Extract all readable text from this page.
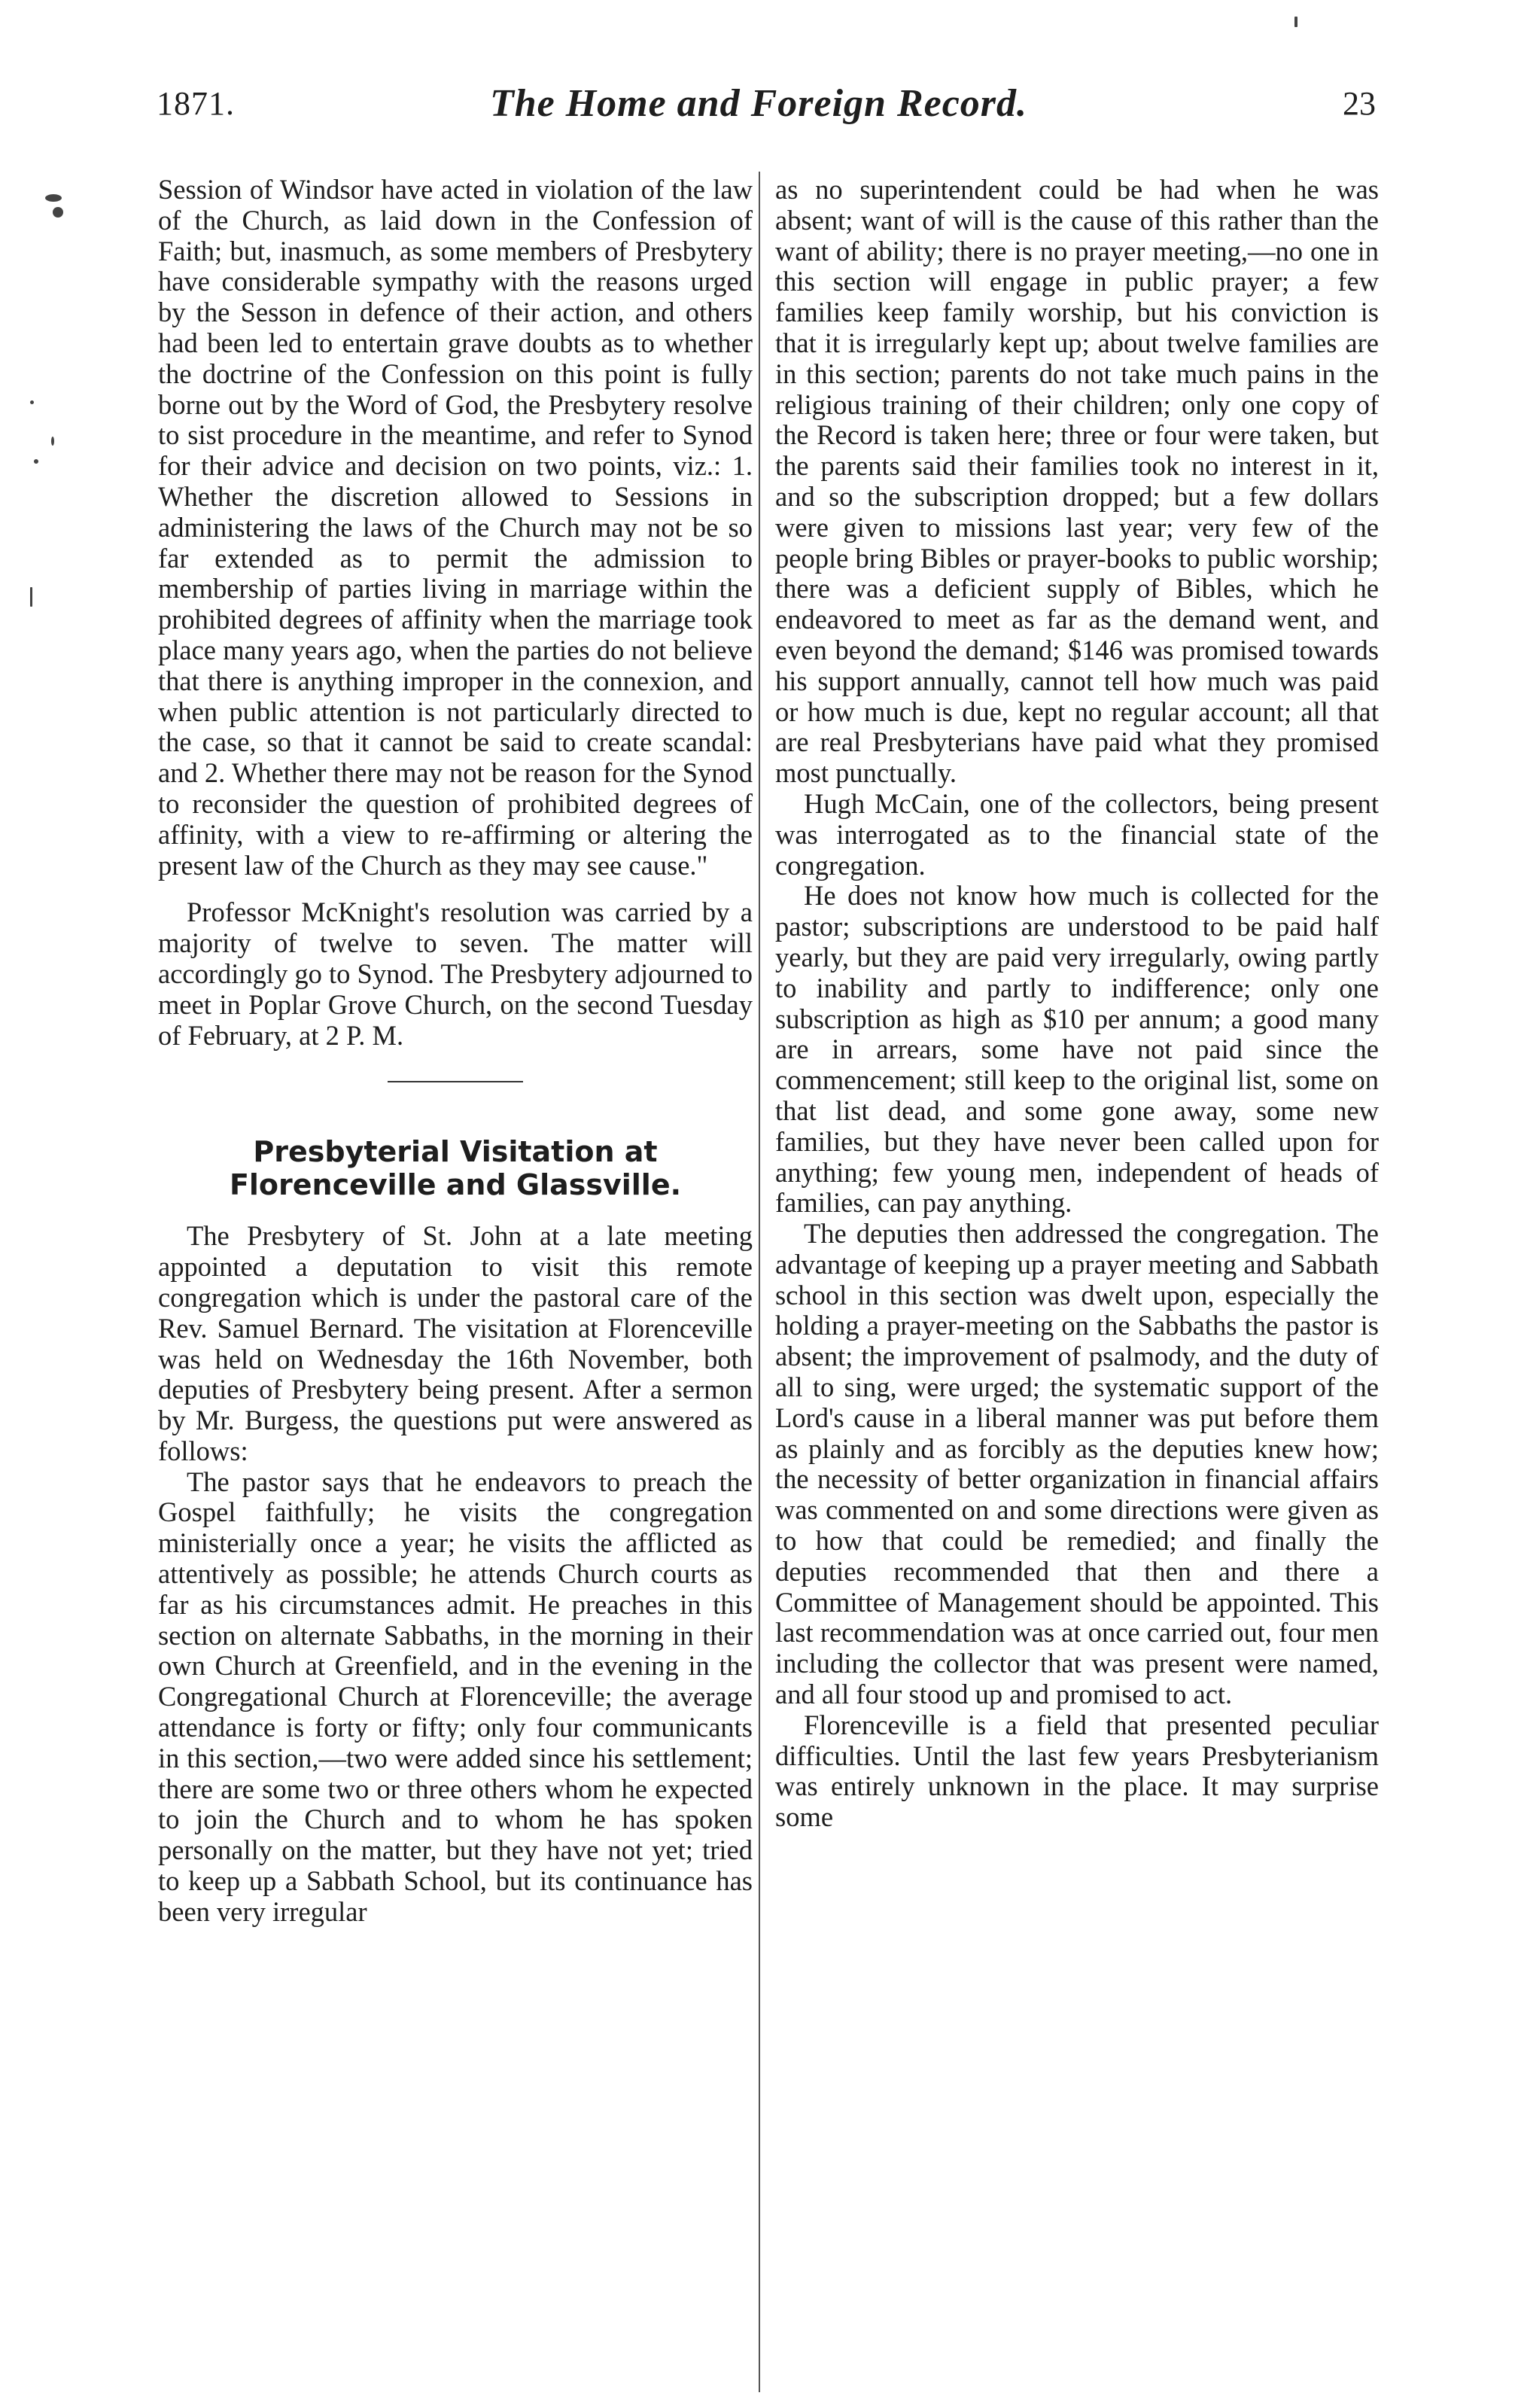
1871.	The Home and Foreign Record.	23

Session of Windsor have acted in violation of the law of the Church, as laid down in the Confession of Faith; but, inasmuch, as some members of Presbytery have considerable sympathy with the reasons urged by the Sesson in defence of their action, and others had been led to entertain grave doubts as to whether the doctrine of the Confession on this point is fully borne out by the Word of God, the Presbytery resolve to sist procedure in the meantime, and refer to Synod for their advice and decision on two points, viz.: 1. Whether the discretion allowed to Sessions in administering the laws of the Church may not be so far extended as to permit the admission to membership of parties living in marriage within the prohibited degrees of affinity when the marriage took place many years ago, when the parties do not believe that there is anything improper in the connexion, and when public attention is not particularly directed to the case, so that it cannot be said to create scandal: and 2. Whether there may not be reason for the Synod to reconsider the question of prohibited degrees of affinity, with a view to re-affirming or altering the present law of the Church as they may see cause."

Professor McKnight's resolution was carried by a majority of twelve to seven. The matter will accordingly go to Synod. The Presbytery adjourned to meet in Poplar Grove Church, on the second Tuesday of February, at 2 P. M.

Presbyterial Visitation at Florenceville and Glassville.

The Presbytery of St. John at a late meeting appointed a deputation to visit this remote congregation which is under the pastoral care of the Rev. Samuel Bernard. The visitation at Florenceville was held on Wednesday the 16th November, both deputies of Presbytery being present. After a sermon by Mr. Burgess, the questions put were answered as follows:

The pastor says that he endeavors to preach the Gospel faithfully; he visits the congregation ministerially once a year; he visits the afflicted as attentively as possible; he attends Church courts as far as his circumstances admit. He preaches in this section on alternate Sabbaths, in the morning in their own Church at Greenfield, and in the evening in the Congregational Church at Florenceville; the average attendance is forty or fifty; only four communicants in this section,—two were added since his settlement; there are some two or three others whom he expected to join the Church and to whom he has spoken personally on the matter, but they have not yet; tried to keep up a Sabbath School, but its continuance has been very irregular

as no superintendent could be had when he was absent; want of will is the cause of this rather than the want of ability; there is no prayer meeting,—no one in this section will engage in public prayer; a few families keep family worship, but his conviction is that it is irregularly kept up; about twelve families are in this section; parents do not take much pains in the religious training of their children; only one copy of the Record is taken here; three or four were taken, but the parents said their families took no interest in it, and so the subscription dropped; but a few dollars were given to missions last year; very few of the people bring Bibles or prayer-books to public worship; there was a deficient supply of Bibles, which he endeavored to meet as far as the demand went, and even beyond the demand; $146 was promised towards his support annually, cannot tell how much was paid or how much is due, kept no regular account; all that are real Presbyterians have paid what they promised most punctually.

Hugh McCain, one of the collectors, being present was interrogated as to the financial state of the congregation.

He does not know how much is collected for the pastor; subscriptions are understood to be paid half yearly, but they are paid very irregularly, owing partly to inability and partly to indifference; only one subscription as high as $10 per annum; a good many are in arrears, some have not paid since the commencement; still keep to the original list, some on that list dead, and some gone away, some new families, but they have never been called upon for anything; few young men, independent of heads of families, can pay anything.

The deputies then addressed the congregation. The advantage of keeping up a prayer meeting and Sabbath school in this section was dwelt upon, especially the holding a prayer-meeting on the Sabbaths the pastor is absent; the improvement of psalmody, and the duty of all to sing, were urged; the systematic support of the Lord's cause in a liberal manner was put before them as plainly and as forcibly as the deputies knew how; the necessity of better organization in financial affairs was commented on and some directions were given as to how that could be remedied; and finally the deputies recommended that then and there a Committee of Management should be appointed. This last recommendation was at once carried out, four men including the collector that was present were named, and all four stood up and promised to act.

Florenceville is a field that presented peculiar difficulties. Until the last few years Presbyterianism was entirely unknown in the place. It may surprise some
